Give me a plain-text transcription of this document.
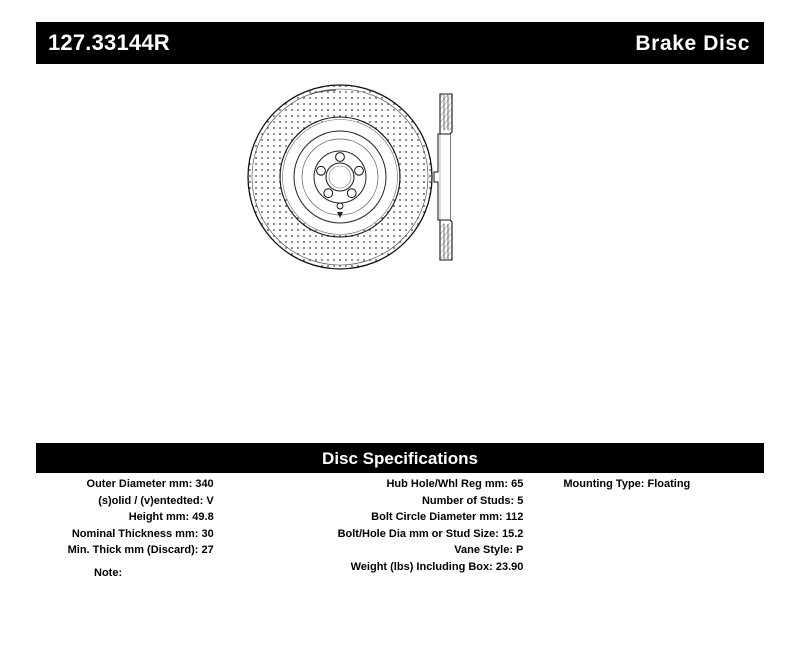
127.33144R	Brake Disc
Disc Specifications
Outer Diameter mm: 340
(s)olid / (v)entedted: V
Height mm: 49.8
Nominal Thickness mm: 30
Min. Thick mm (Discard): 27
Hub Hole/Whl Reg mm: 65
Number of Studs: 5
Bolt Circle Diameter mm: 112
Bolt/Hole Dia mm or Stud Size: 15.2
Vane Style: P
Weight (lbs) Including Box: 23.90
Mounting Type: Floating
Note:
